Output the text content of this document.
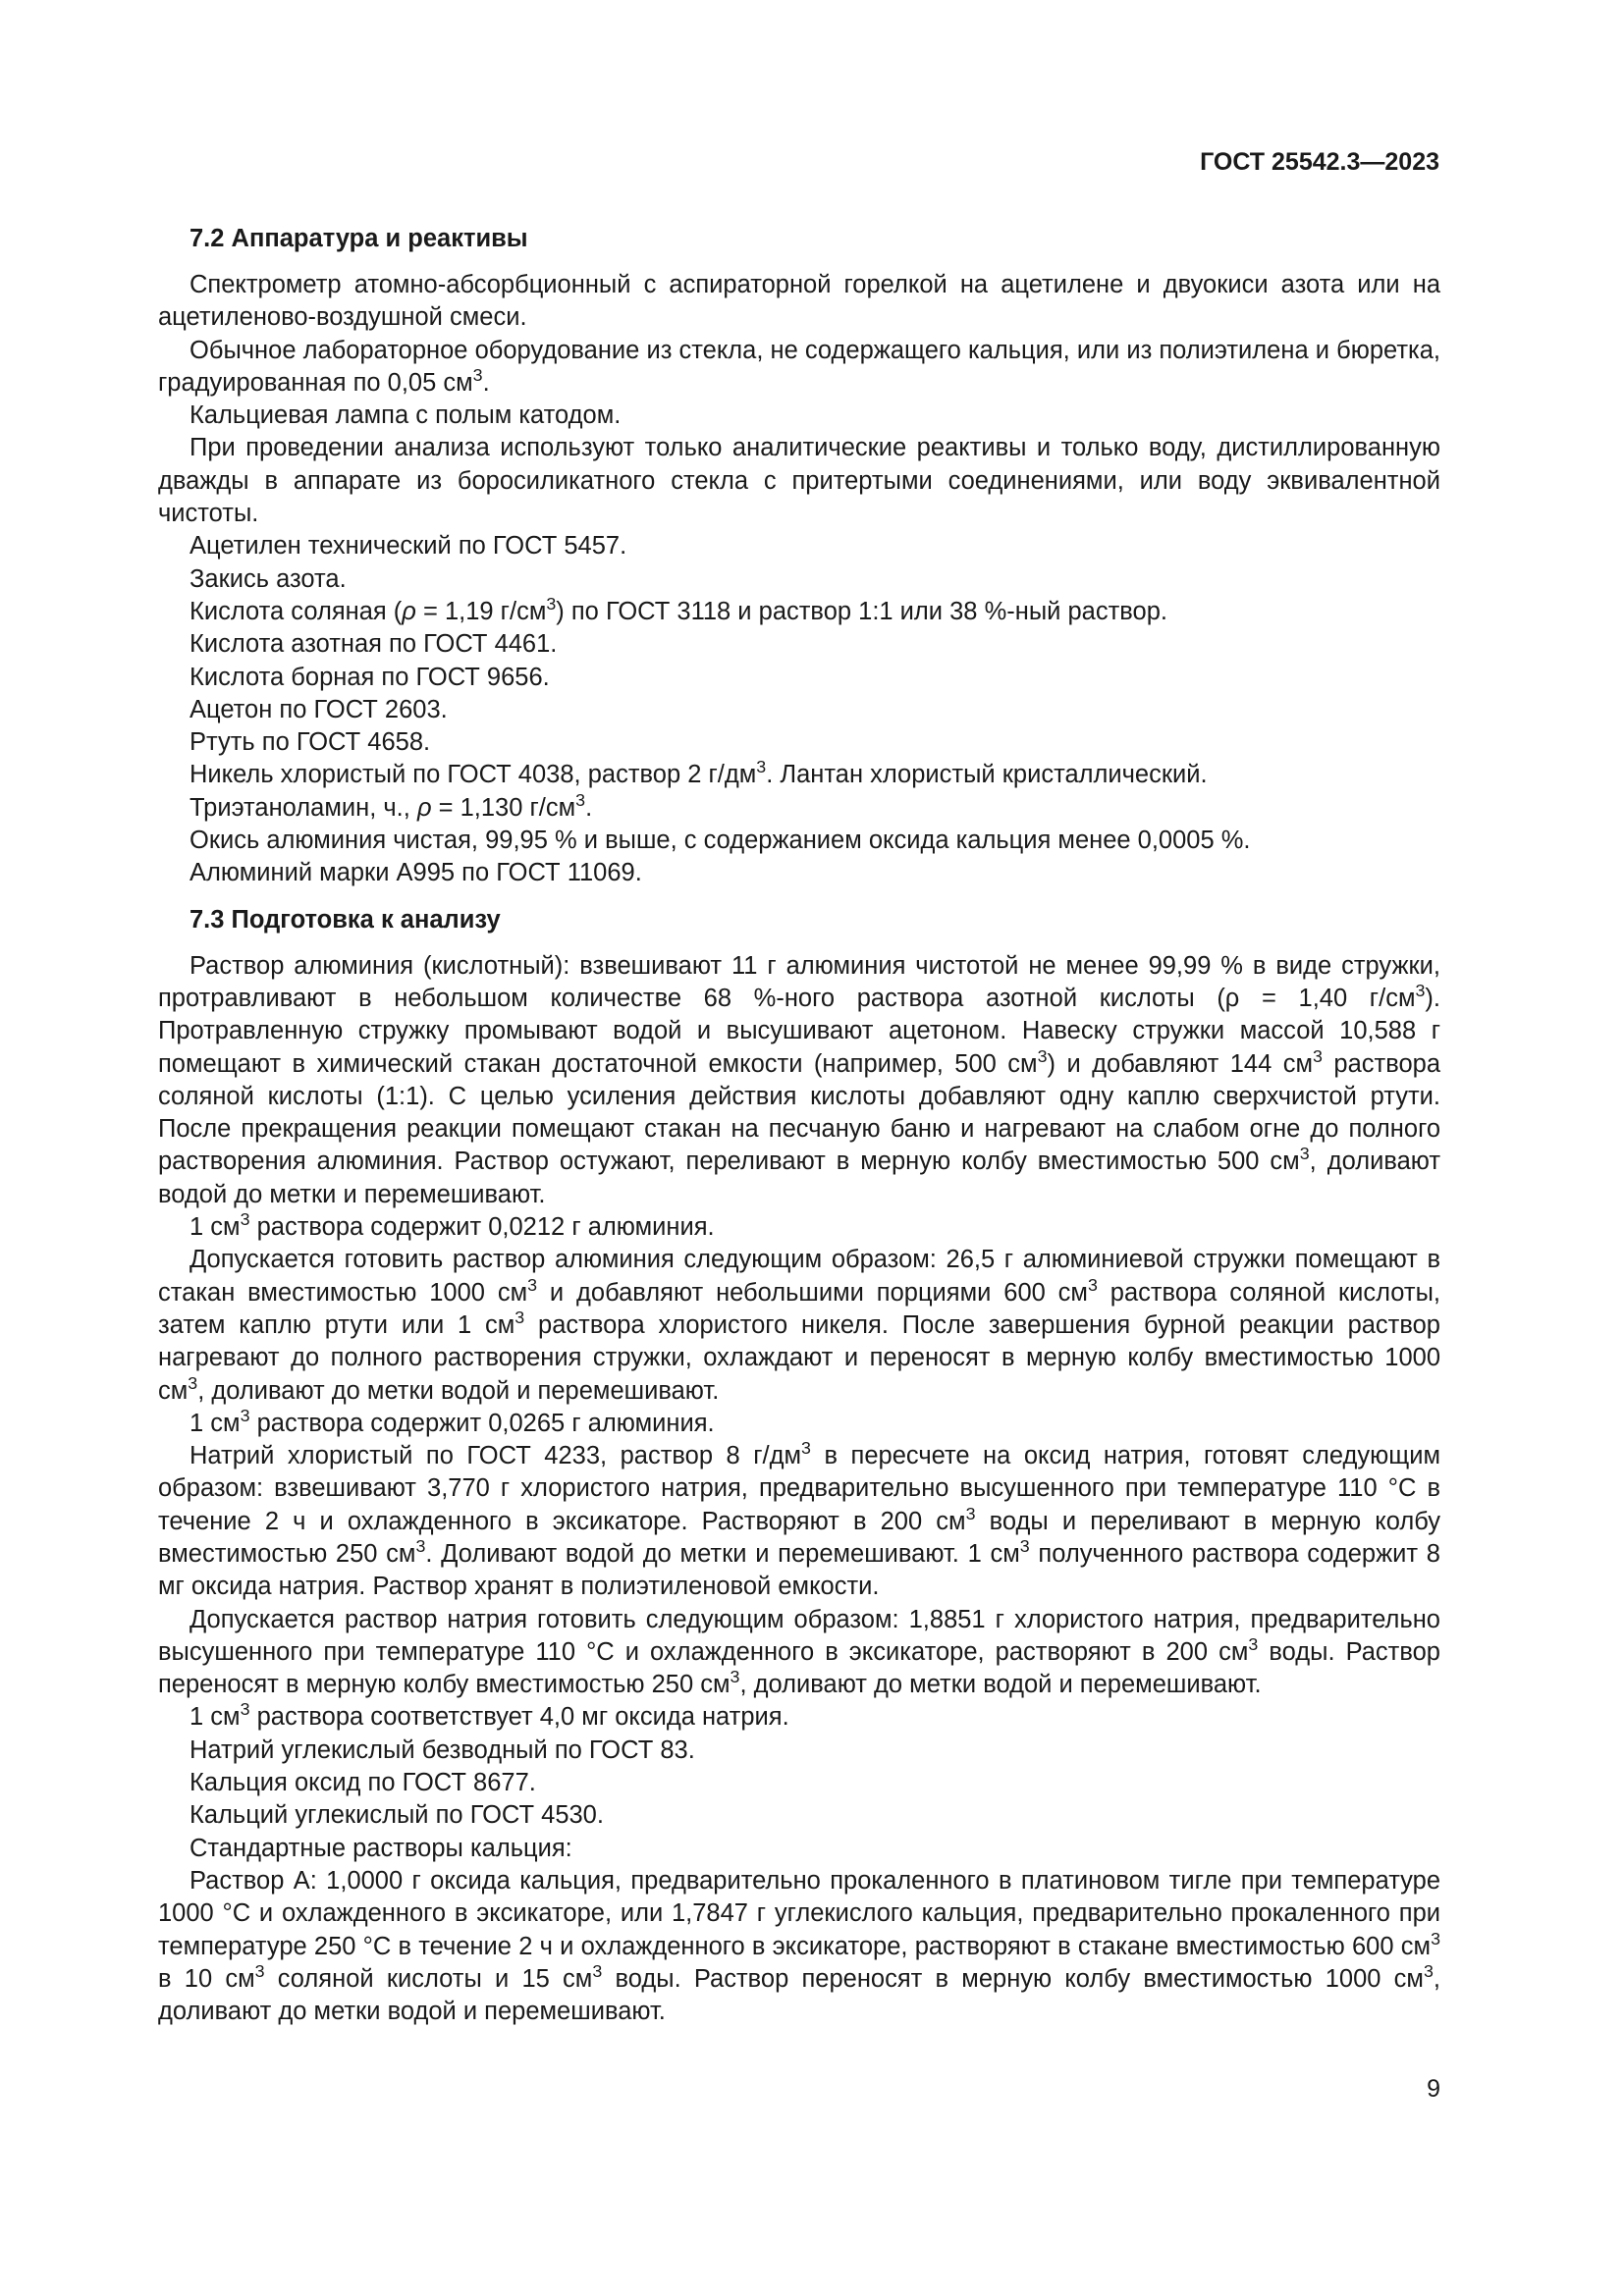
ГОСТ 25542.3—2023
7.2 Аппаратура и реактивы

Спектрометр атомно-абсорбционный с аспираторной горелкой на ацетилене и двуокиси азота или на ацетиленово-воздушной смеси.

Обычное лабораторное оборудование из стекла, не содержащего кальция, или из полиэтилена и бюретка, градуированная по 0,05 $см^3$.

Кальциевая лампа с полым катодом.

При проведении анализа используют только аналитические реактивы и только воду, дистиллированную дважды в аппарате из боросиликатного стекла с притертыми соединениями, или воду эквивалентной чистоты.

Ацетилен технический по ГОСТ 5457.

Закись азота.

Кислота соляная (ρ = 1,19 $г/см^3$) по ГОСТ 3118 и раствор 1:1 или 38 %-ный раствор.

Кислота азотная по ГОСТ 4461.

Кислота борная по ГОСТ 9656.

Ацетон по ГОСТ 2603.

Ртуть по ГОСТ 4658.

Никель хлористый по ГОСТ 4038, раствор 2 $г/дм^3$. Лантан хлористый кристаллический.

Триэтаноламин, ч., ρ = 1,130 $г/см^3$.

Окись алюминия чистая, 99,95 % и выше, с содержанием оксида кальция менее 0,0005 %.

Алюминий марки А995 по ГОСТ 11069.

7.3 Подготовка к анализу

Раствор алюминия (кислотный): взвешивают 11 г алюминия чистотой не менее 99,99 % в виде стружки, протравливают в небольшом количестве 68 %-ного раствора азотной кислоты (ρ = 1,40 $г/см^3$). Протравленную стружку промывают водой и высушивают ацетоном. Навеску стружки массой 10,588 г помещают в химический стакан достаточной емкости (например, 500 $см^3$) и добавляют 144 $см^3$ раствора соляной кислоты (1:1). С целью усиления действия кислоты добавляют одну каплю сверхчистой ртути. После прекращения реакции помещают стакан на песчаную баню и нагревают на слабом огне до полного растворения алюминия. Раствор остужают, переливают в мерную колбу вместимостью 500 $см^3$, доливают водой до метки и перемешивают.

1 $см^3$ раствора содержит 0,0212 г алюминия.

Допускается готовить раствор алюминия следующим образом: 26,5 г алюминиевой стружки помещают в стакан вместимостью 1000 $см^3$ и добавляют небольшими порциями 600 $см^3$ раствора соляной кислоты, затем каплю ртути или 1 $см^3$ раствора хлористого никеля. После завершения бурной реакции раствор нагревают до полного растворения стружки, охлаждают и переносят в мерную колбу вместимостью 1000 $см^3$, доливают до метки водой и перемешивают.

1 $см^3$ раствора содержит 0,0265 г алюминия.

Натрий хлористый по ГОСТ 4233, раствор 8 $г/дм^3$ в пересчете на оксид натрия, готовят следующим образом: взвешивают 3,770 г хлористого натрия, предварительно высушенного при температуре 110 °С в течение 2 ч и охлажденного в эксикаторе. Растворяют в 200 $см^3$ воды и переливают в мерную колбу вместимостью 250 $см^3$. Доливают водой до метки и перемешивают. 1 $см^3$ полученного раствора содержит 8 мг оксида натрия. Раствор хранят в полиэтиленовой емкости.

Допускается раствор натрия готовить следующим образом: 1,8851 г хлористого натрия, предварительно высушенного при температуре 110 °С и охлажденного в эксикаторе, растворяют в 200 $см^3$ воды. Раствор переносят в мерную колбу вместимостью 250 $см^3$, доливают до метки водой и перемешивают.

1 $см^3$ раствора соответствует 4,0 мг оксида натрия.

Натрий углекислый безводный по ГОСТ 83.

Кальция оксид по ГОСТ 8677.

Кальций углекислый по ГОСТ 4530.

Стандартные растворы кальция:

Раствор А: 1,0000 г оксида кальция, предварительно прокаленного в платиновом тигле при температуре 1000 °С и охлажденного в эксикаторе, или 1,7847 г углекислого кальция, предварительно прокаленного при температуре 250 °С в течение 2 ч и охлажденного в эксикаторе, растворяют в стакане вместимостью 600 $см^3$ в 10 $см^3$ соляной кислоты и 15 $см^3$ воды. Раствор переносят в мерную колбу вместимостью 1000 $см^3$, доливают до метки водой и перемешивают.

9
